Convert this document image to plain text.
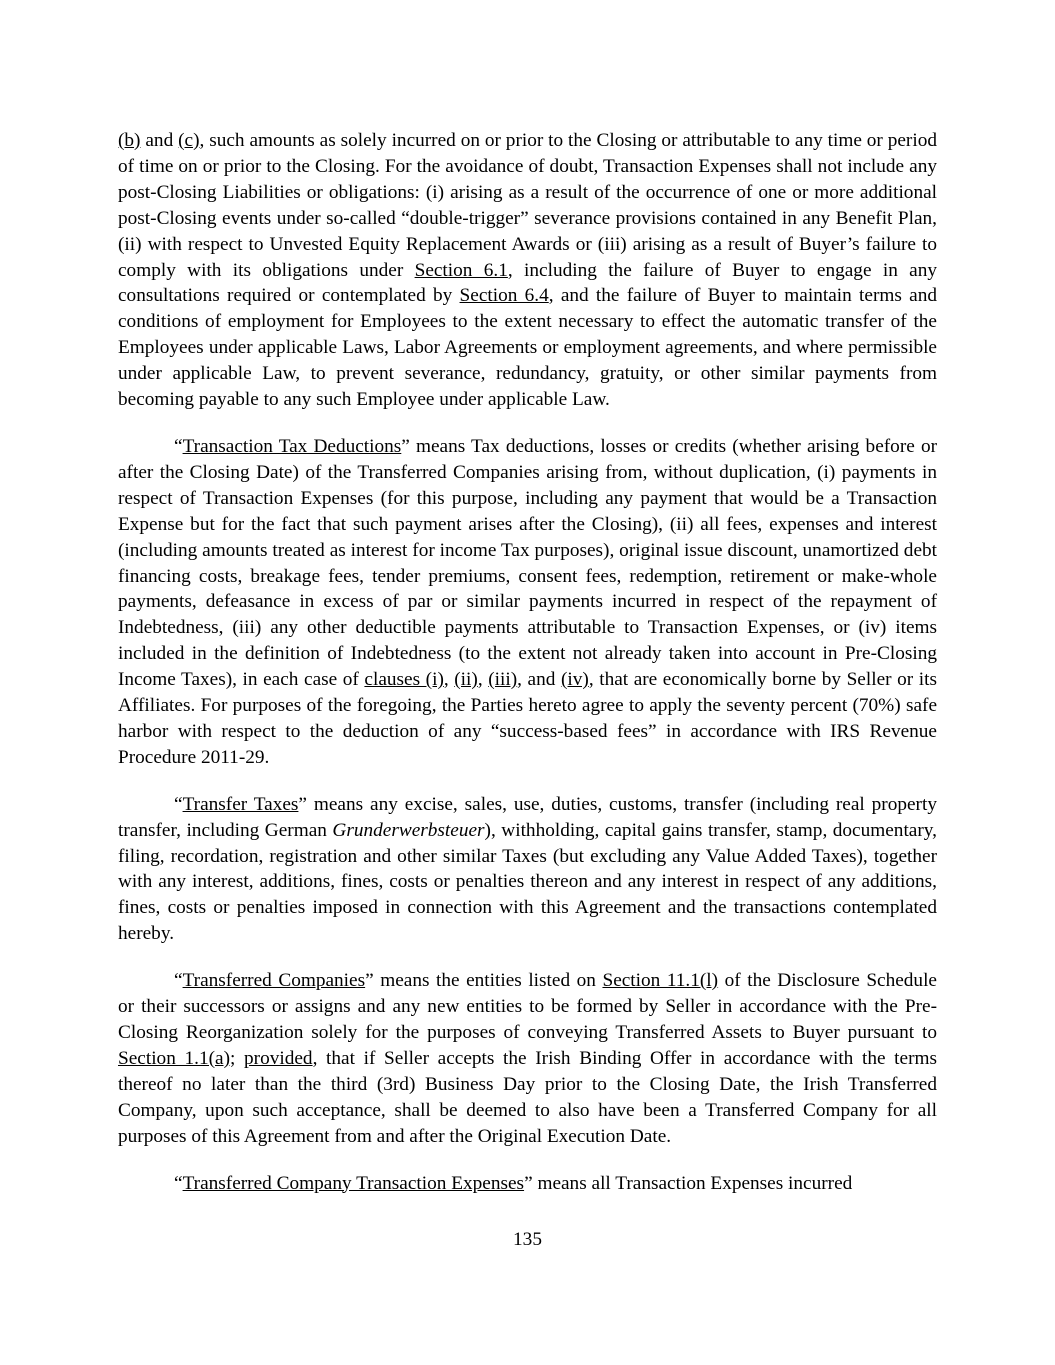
(b) and (c), such amounts as solely incurred on or prior to the Closing or attributable to any time or period of time on or prior to the Closing. For the avoidance of doubt, Transaction Expenses shall not include any post-Closing Liabilities or obligations: (i) arising as a result of the occurrence of one or more additional post-Closing events under so-called “double-trigger” severance provisions contained in any Benefit Plan, (ii) with respect to Unvested Equity Replacement Awards or (iii) arising as a result of Buyer’s failure to comply with its obligations under Section 6.1, including the failure of Buyer to engage in any consultations required or contemplated by Section 6.4, and the failure of Buyer to maintain terms and conditions of employment for Employees to the extent necessary to effect the automatic transfer of the Employees under applicable Laws, Labor Agreements or employment agreements, and where permissible under applicable Law, to prevent severance, redundancy, gratuity, or other similar payments from becoming payable to any such Employee under applicable Law.

“Transaction Tax Deductions” means Tax deductions, losses or credits (whether arising before or after the Closing Date) of the Transferred Companies arising from, without duplication, (i) payments in respect of Transaction Expenses (for this purpose, including any payment that would be a Transaction Expense but for the fact that such payment arises after the Closing), (ii) all fees, expenses and interest (including amounts treated as interest for income Tax purposes), original issue discount, unamortized debt financing costs, breakage fees, tender premiums, consent fees, redemption, retirement or make-whole payments, defeasance in excess of par or similar payments incurred in respect of the repayment of Indebtedness, (iii) any other deductible payments attributable to Transaction Expenses, or (iv) items included in the definition of Indebtedness (to the extent not already taken into account in Pre-Closing Income Taxes), in each case of clauses (i), (ii), (iii), and (iv), that are economically borne by Seller or its Affiliates. For purposes of the foregoing, the Parties hereto agree to apply the seventy percent (70%) safe harbor with respect to the deduction of any “success-based fees” in accordance with IRS Revenue Procedure 2011-29.

“Transfer Taxes” means any excise, sales, use, duties, customs, transfer (including real property transfer, including German Grunderwerbsteuer), withholding, capital gains transfer, stamp, documentary, filing, recordation, registration and other similar Taxes (but excluding any Value Added Taxes), together with any interest, additions, fines, costs or penalties thereon and any interest in respect of any additions, fines, costs or penalties imposed in connection with this Agreement and the transactions contemplated hereby.

“Transferred Companies” means the entities listed on Section 11.1(l) of the Disclosure Schedule or their successors or assigns and any new entities to be formed by Seller in accordance with the Pre-Closing Reorganization solely for the purposes of conveying Transferred Assets to Buyer pursuant to Section 1.1(a); provided, that if Seller accepts the Irish Binding Offer in accordance with the terms thereof no later than the third (3rd) Business Day prior to the Closing Date, the Irish Transferred Company, upon such acceptance, shall be deemed to also have been a Transferred Company for all purposes of this Agreement from and after the Original Execution Date.

“Transferred Company Transaction Expenses” means all Transaction Expenses incurred

135
